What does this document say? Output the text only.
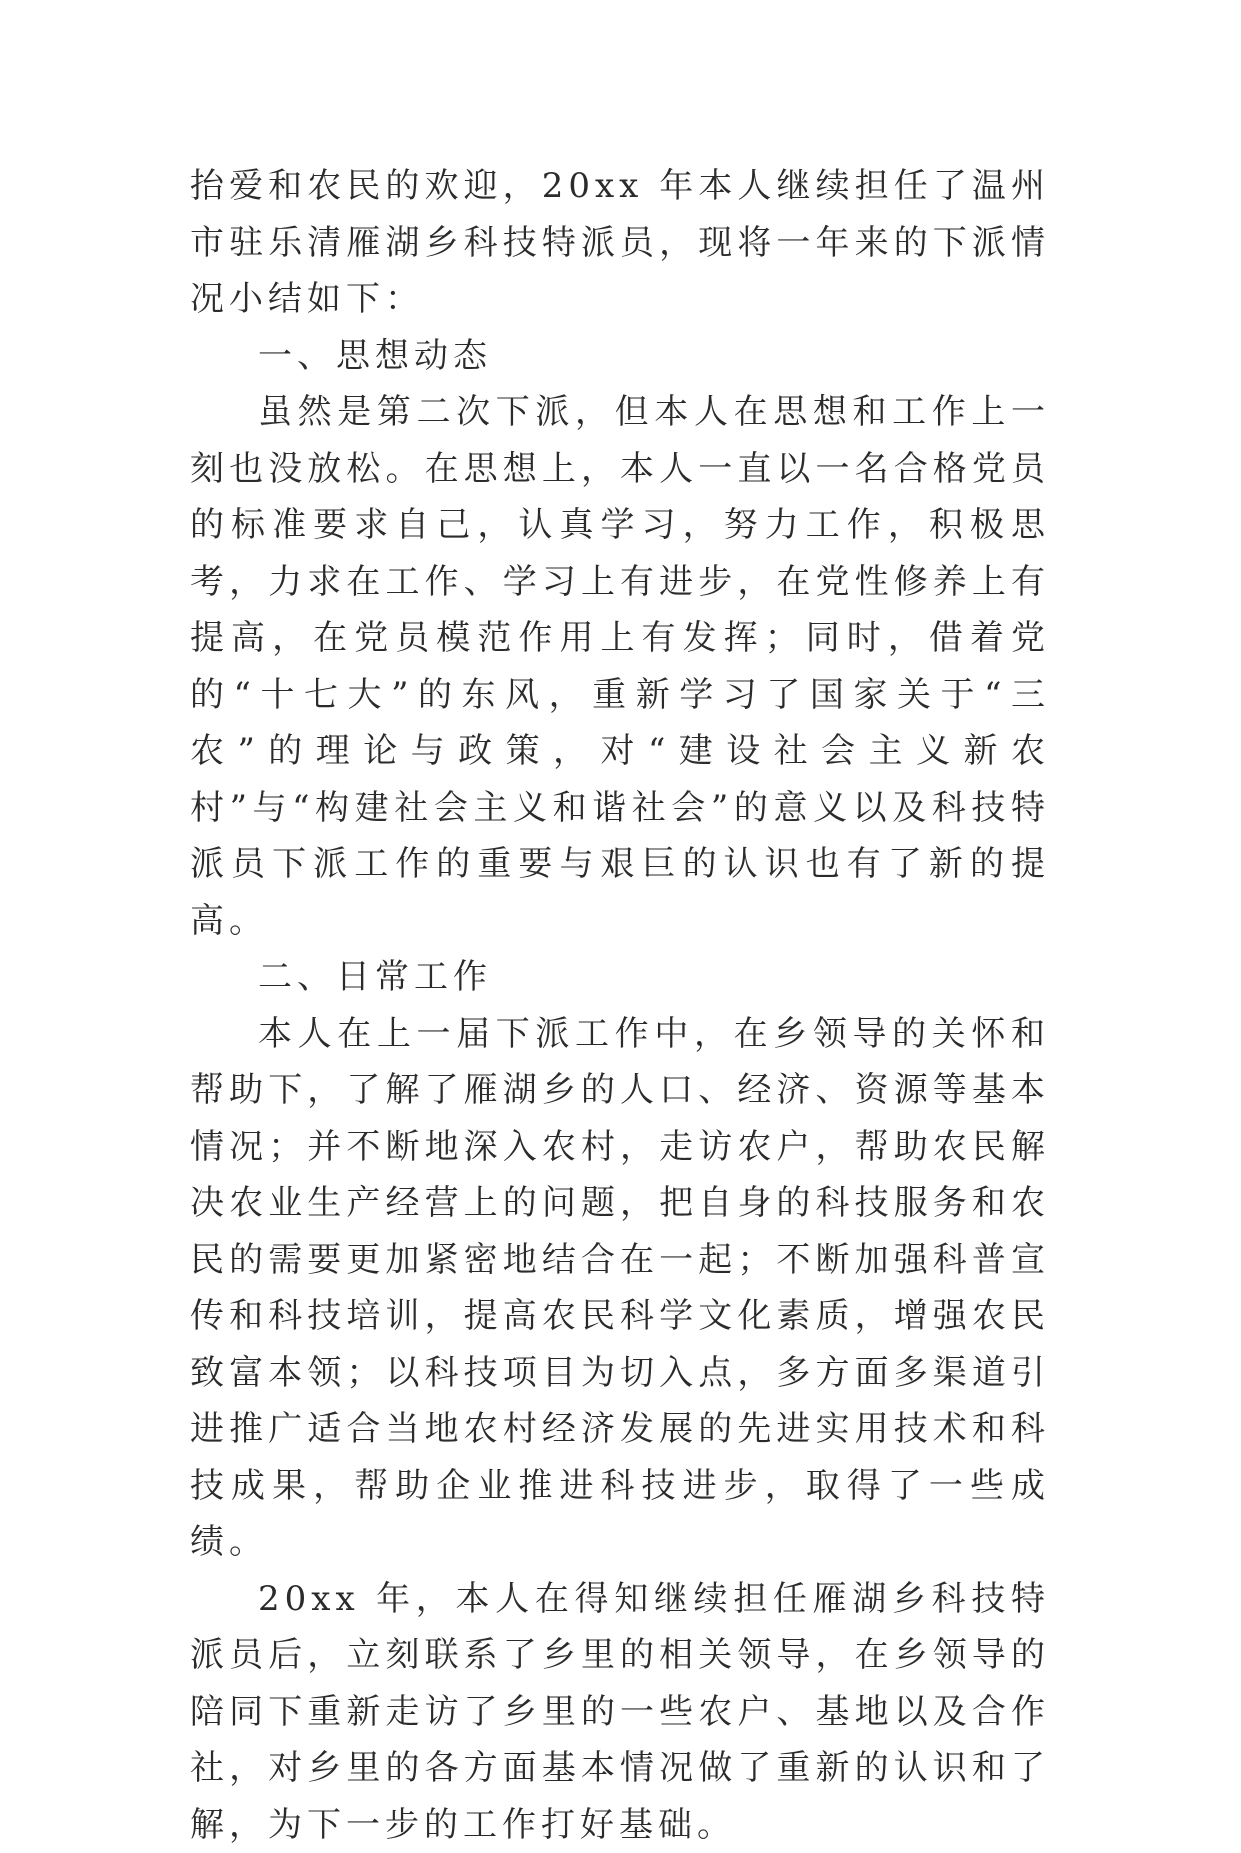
抬爱和农民的欢迎，20xx 年本人继续担任了温州市驻乐清雁湖乡科技特派员，现将一年来的下派情况小结如下：

一、思想动态

虽然是第二次下派，但本人在思想和工作上一刻也没放松。在思想上，本人一直以一名合格党员的标准要求自己，认真学习，努力工作，积极思考，力求在工作、学习上有进步，在党性修养上有提高，在党员模范作用上有发挥；同时，借着党的“十七大”的东风，重新学习了国家关于“三农”的理论与政策，对“建设社会主义新农村”与“构建社会主义和谐社会”的意义以及科技特派员下派工作的重要与艰巨的认识也有了新的提高。

二、日常工作

本人在上一届下派工作中，在乡领导的关怀和帮助下，了解了雁湖乡的人口、经济、资源等基本情况；并不断地深入农村，走访农户，帮助农民解决农业生产经营上的问题，把自身的科技服务和农民的需要更加紧密地结合在一起；不断加强科普宣传和科技培训，提高农民科学文化素质，增强农民致富本领；以科技项目为切入点，多方面多渠道引进推广适合当地农村经济发展的先进实用技术和科技成果，帮助企业推进科技进步，取得了一些成绩。

20xx 年，本人在得知继续担任雁湖乡科技特派员后，立刻联系了乡里的相关领导，在乡领导的陪同下重新走访了乡里的一些农户、基地以及合作社，对乡里的各方面基本情况做了重新的认识和了解，为下一步的工作打好基础。
